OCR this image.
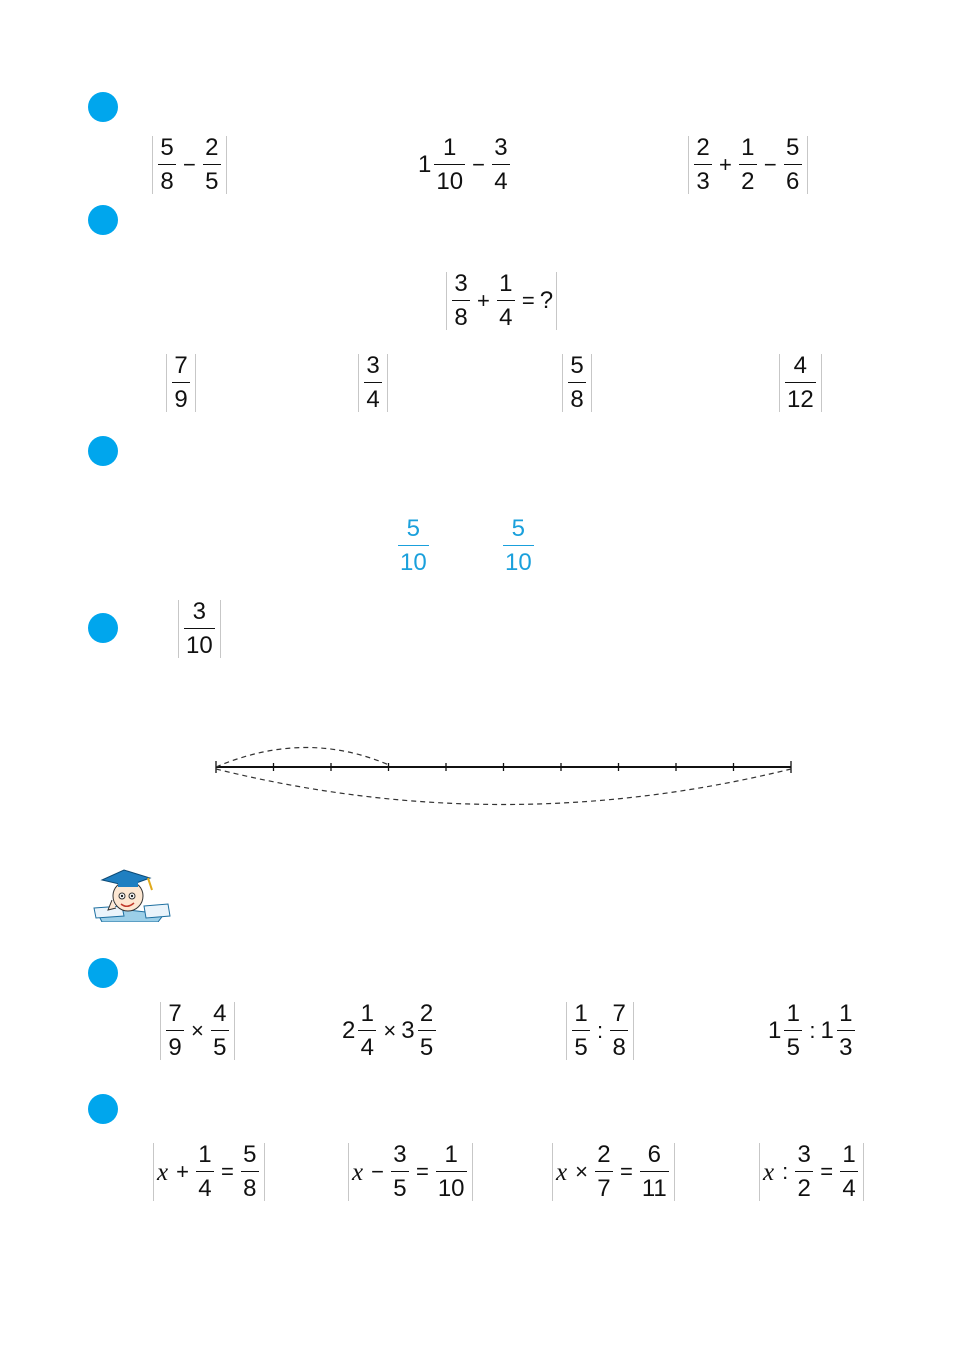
$\frac{5}{8} - \frac{2}{5}$	$1 \frac{1}{10} - \frac{3}{4}$	$\frac{2}{3} + \frac{1}{2} - \frac{5}{6}$
$\frac{3}{8} + \frac{1}{4}$ = ?
$\frac{7}{9}$	$\frac{3}{4}$	$\frac{5}{8}$	$\frac{4}{12}$
$\frac{5}{10}$	$\frac{5}{10}$
$\frac{3}{10}$
$\frac{7}{9} \times \frac{4}{5}$	$2 \frac{1}{4} \times 3 \frac{2}{5}$	$\frac{1}{5}$ : $\frac{7}{8}$	$1 \frac{1}{5}$ : $1 \frac{1}{3}$
$x + \frac{1}{4} = \frac{5}{8}$	$x - \frac{3}{5} = \frac{1}{10}$	$x \times \frac{2}{7} = \frac{6}{11}$	x : $\frac{3}{2} = \frac{1}{4}$
